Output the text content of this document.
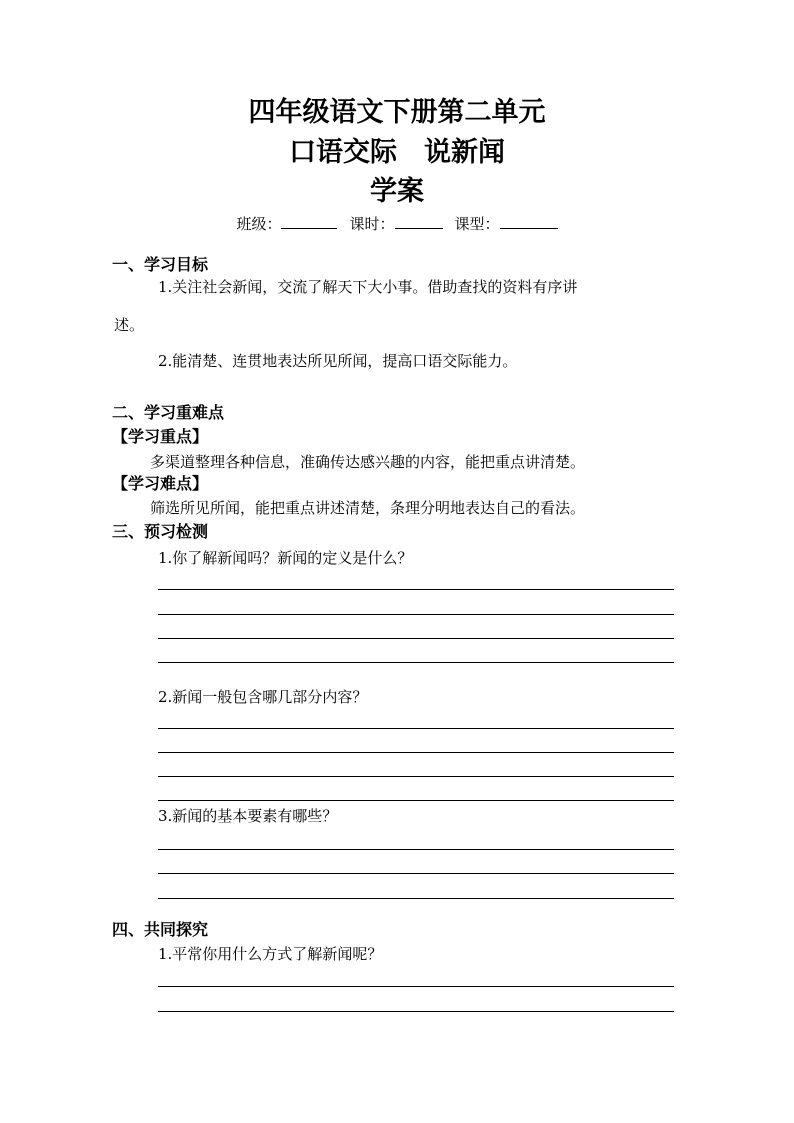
四年级语文下册第二单元
口语交际　说新闻
学案
班级：	课时：	课型：
一、学习目标
1.关注社会新闻，交流了解天下大小事。借助查找的资料有序讲
述。
2.能清楚、连贯地表达所见所闻，提高口语交际能力。
二、学习重难点
【学习重点】
多渠道整理各种信息，准确传达感兴趣的内容，能把重点讲清楚。
【学习难点】
筛选所见所闻，能把重点讲述清楚，条理分明地表达自己的看法。
三、预习检测
1.你了解新闻吗？新闻的定义是什么？
2.新闻一般包含哪几部分内容？
3.新闻的基本要素有哪些？
四、共同探究
1.平常你用什么方式了解新闻呢？
